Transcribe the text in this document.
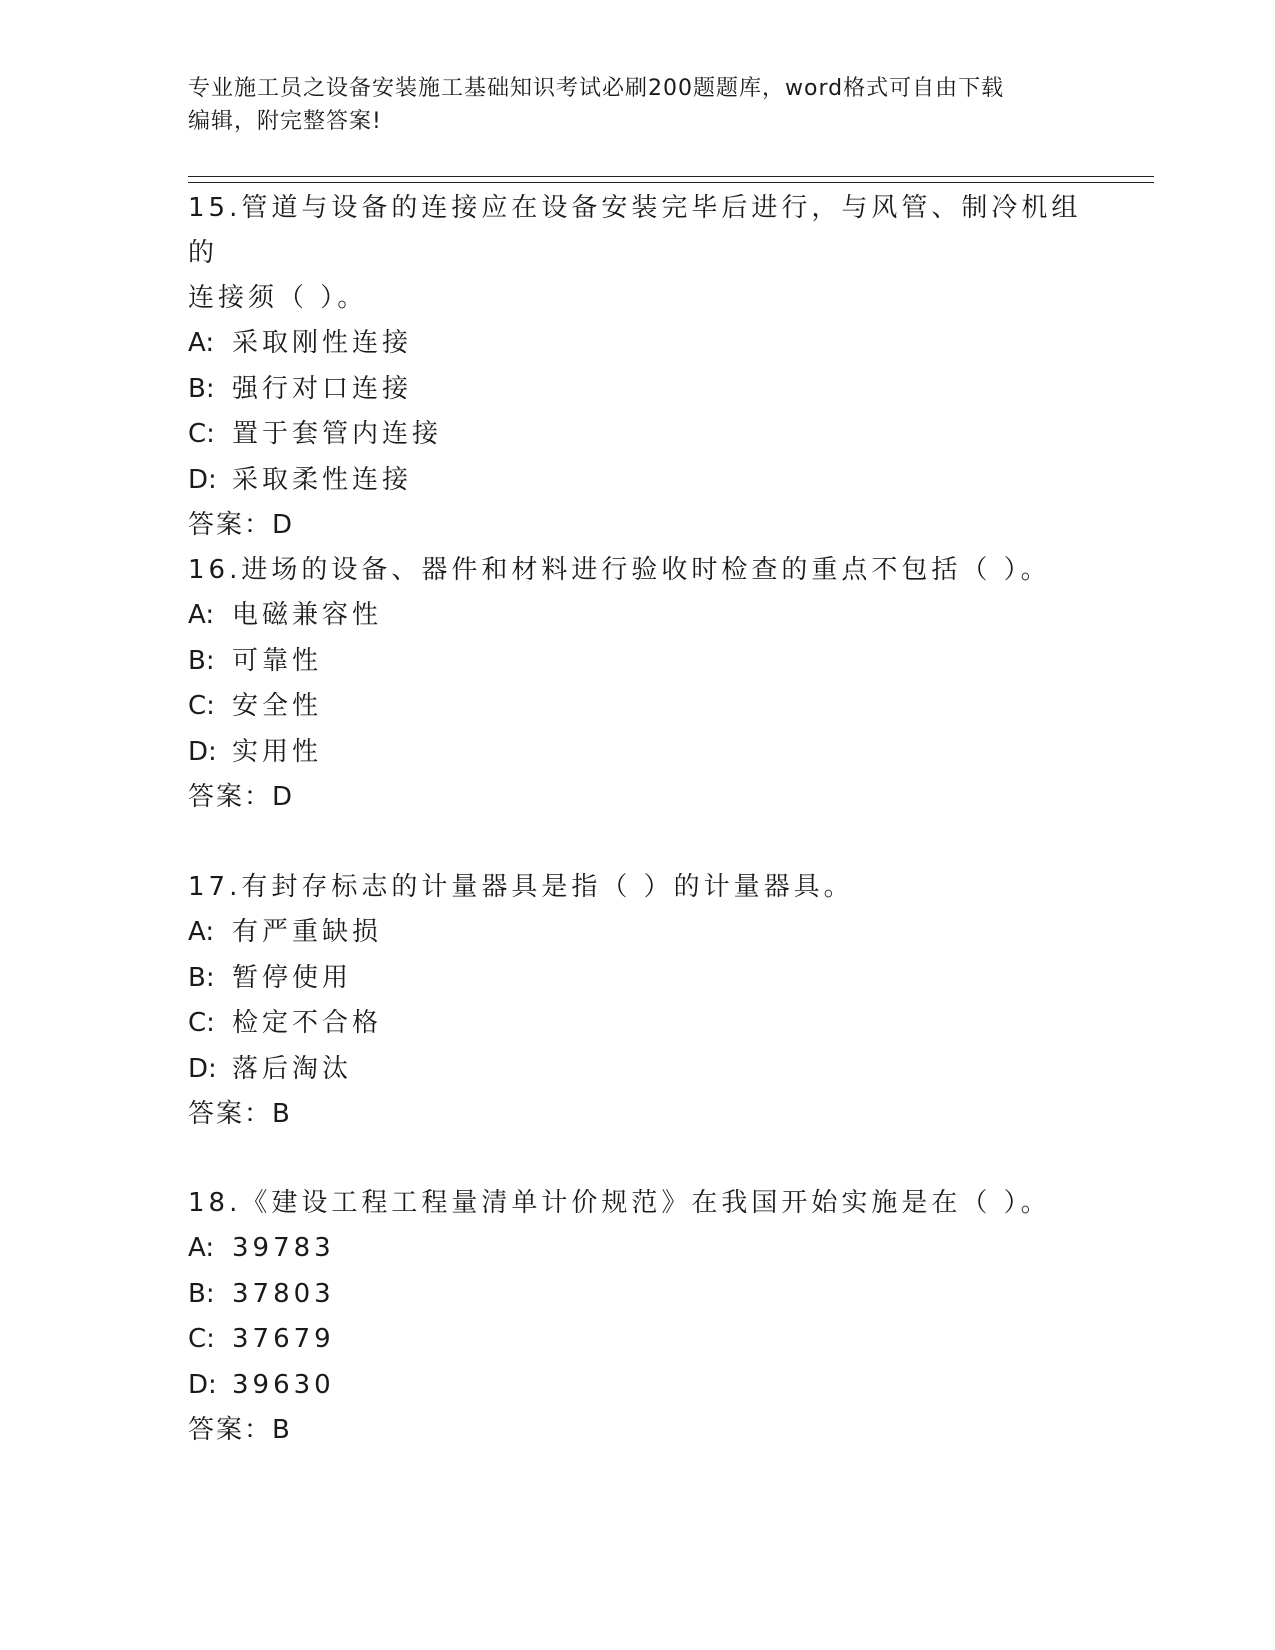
专业施工员之设备安装施工基础知识考试必刷200题题库，word格式可自由下载
编辑，附完整答案!
15.管道与设备的连接应在设备安装完毕后进行，与风管、制冷机组的
连接须（ ）。
A: 采取刚性连接
B: 强行对口连接
C: 置于套管内连接
D: 采取柔性连接
答案：D
16.进场的设备、器件和材料进行验收时检查的重点不包括（ ）。
A: 电磁兼容性
B: 可靠性
C: 安全性
D: 实用性
答案：D
17.有封存标志的计量器具是指（ ）的计量器具。
A: 有严重缺损
B: 暂停使用
C: 检定不合格
D: 落后淘汰
答案：B
18.《建设工程工程量清单计价规范》在我国开始实施是在（ ）。
A: 39783
B: 37803
C: 37679
D: 39630
答案：B
